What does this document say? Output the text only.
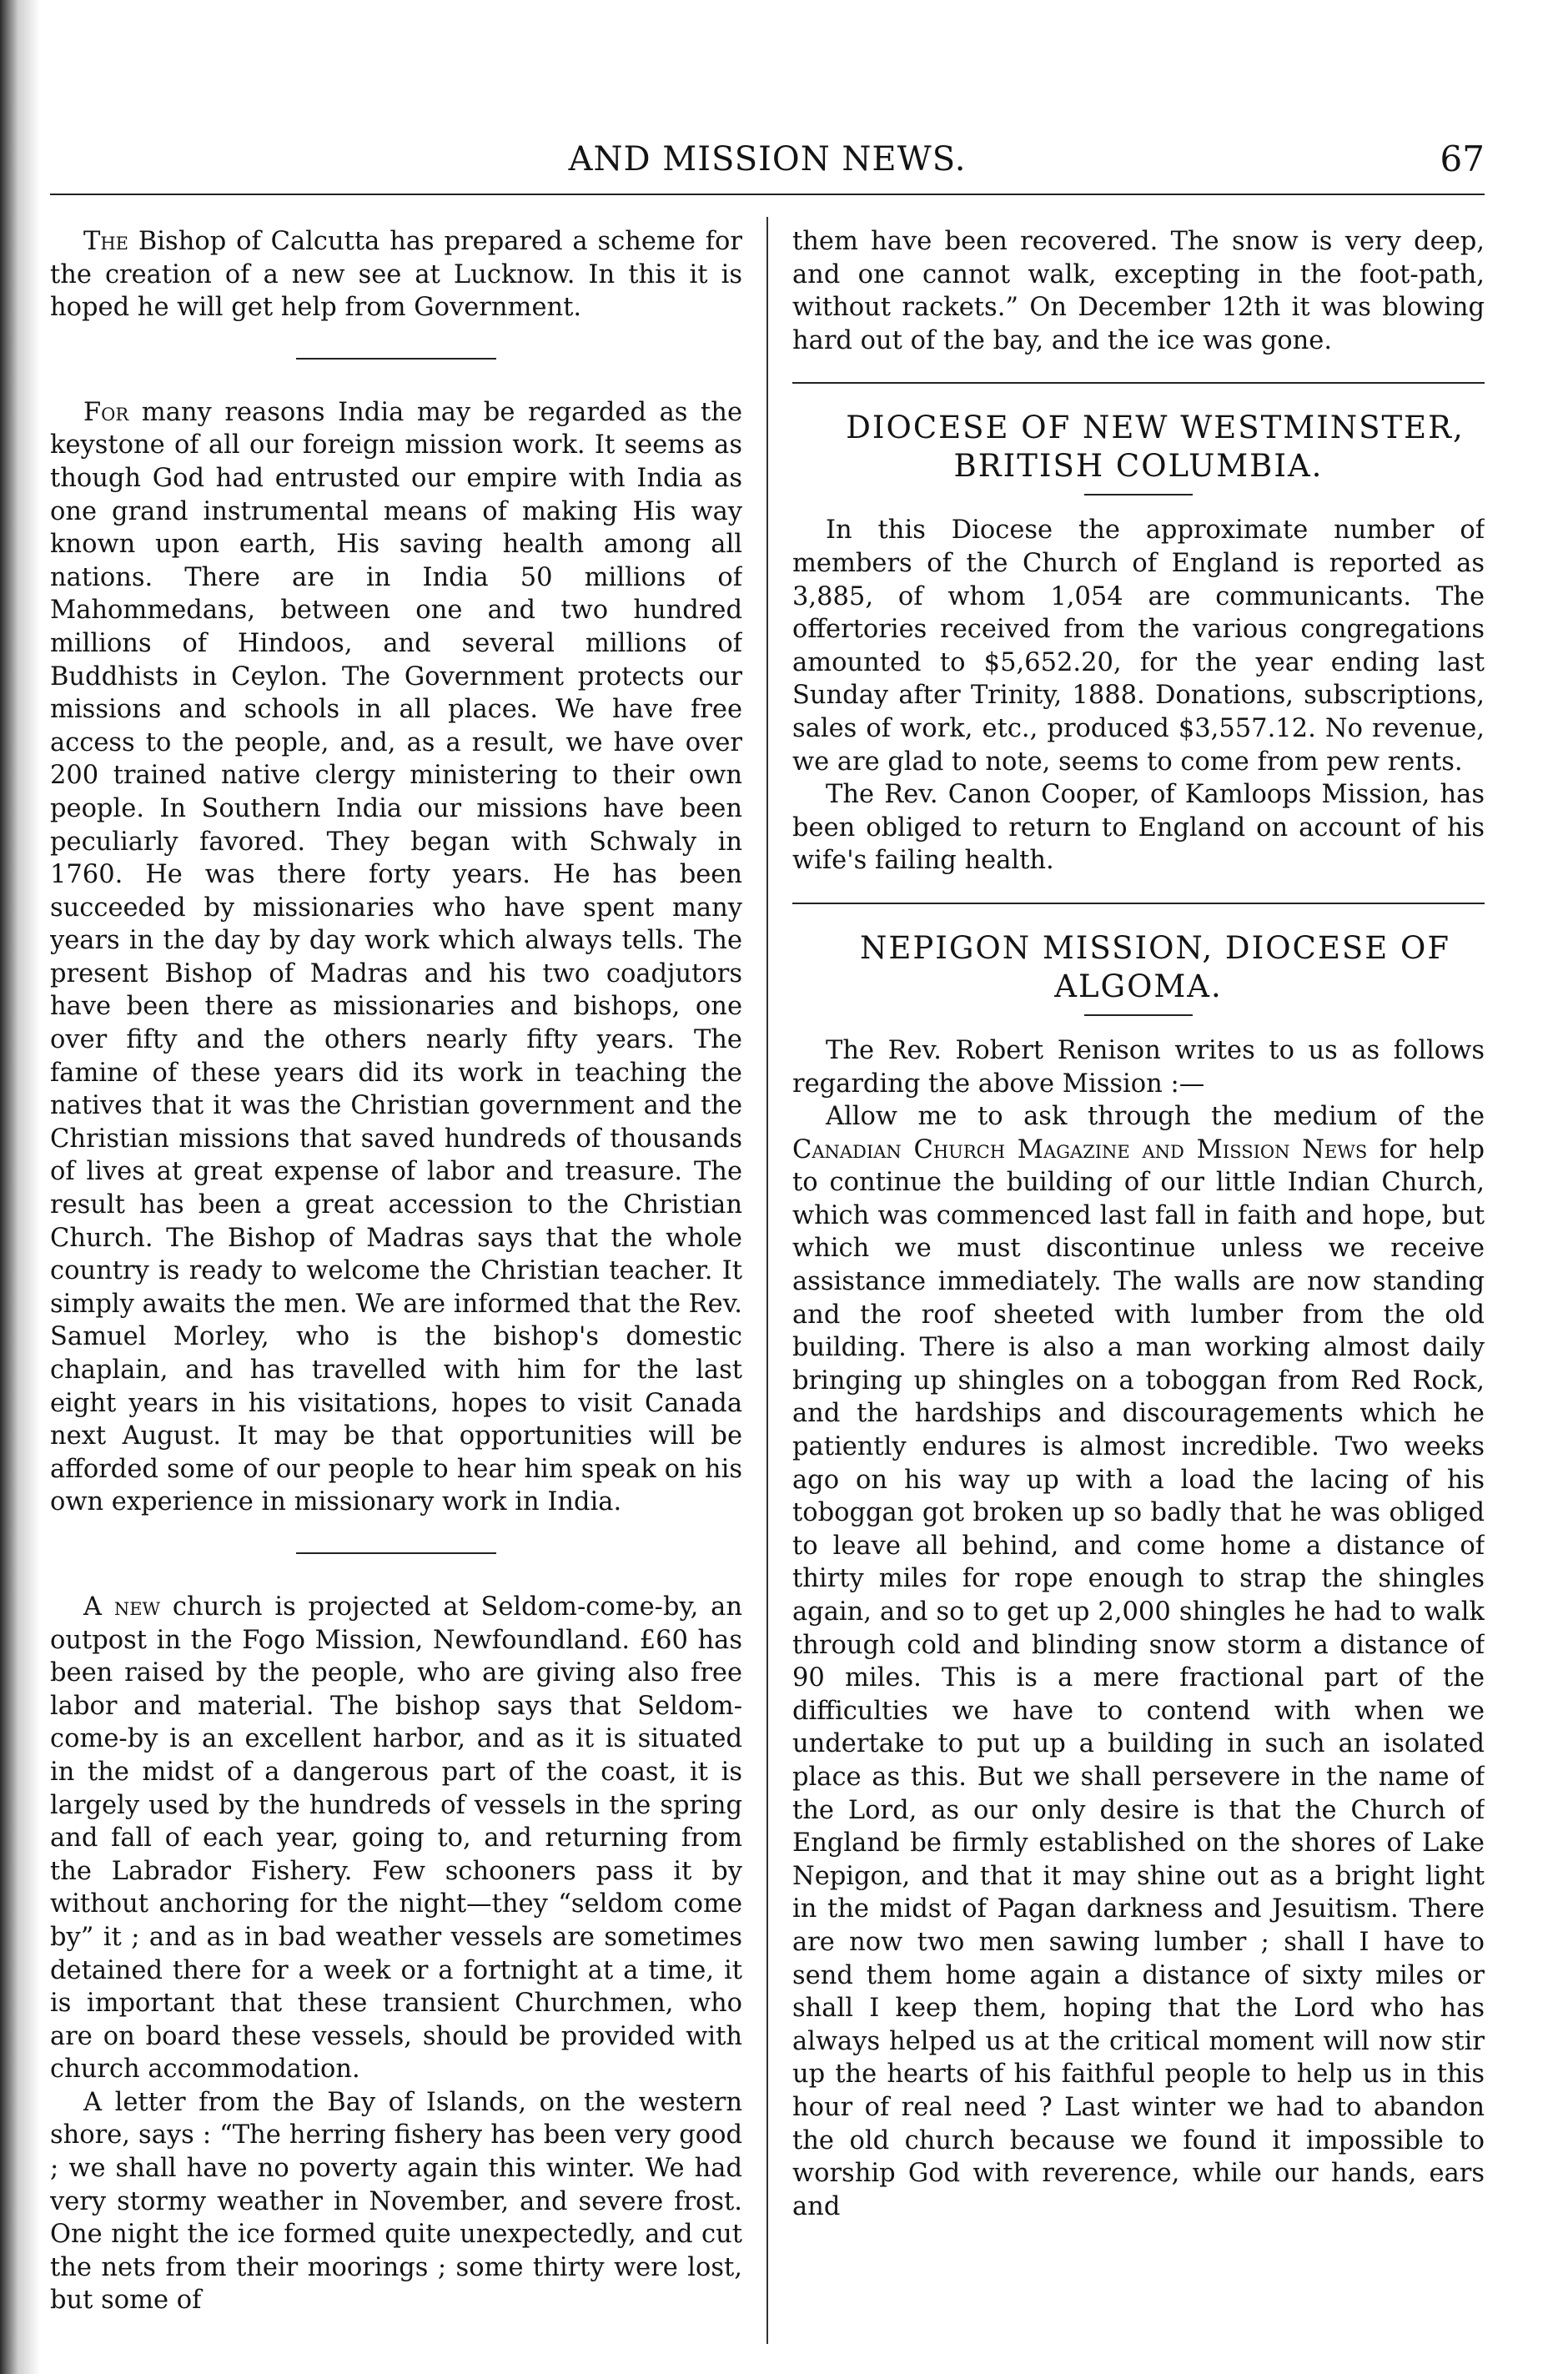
AND MISSION NEWS.	67

The Bishop of Calcutta has prepared a scheme for the creation of a new see at Lucknow. In this it is hoped he will get help from Government.

For many reasons India may be regarded as the keystone of all our foreign mission work. It seems as though God had entrusted our empire with India as one grand instrumental means of making His way known upon earth, His saving health among all nations. There are in India 50 millions of Mahommedans, between one and two hundred millions of Hindoos, and several millions of Buddhists in Ceylon. The Government protects our missions and schools in all places. We have free access to the people, and, as a result, we have over 200 trained native clergy ministering to their own people. In Southern India our missions have been peculiarly favored. They began with Schwaly in 1760. He was there forty years. He has been succeeded by missionaries who have spent many years in the day by day work which always tells. The present Bishop of Madras and his two coadjutors have been there as missionaries and bishops, one over fifty and the others nearly fifty years. The famine of these years did its work in teaching the natives that it was the Christian government and the Christian missions that saved hundreds of thousands of lives at great expense of labor and treasure. The result has been a great accession to the Christian Church. The Bishop of Madras says that the whole country is ready to welcome the Christian teacher. It simply awaits the men. We are informed that the Rev. Samuel Morley, who is the bishop's domestic chaplain, and has travelled with him for the last eight years in his visitations, hopes to visit Canada next August. It may be that opportunities will be afforded some of our people to hear him speak on his own experience in missionary work in India.

A new church is projected at Seldom-come-by, an outpost in the Fogo Mission, Newfoundland. £60 has been raised by the people, who are giving also free labor and material. The bishop says that Seldom-come-by is an excellent harbor, and as it is situated in the midst of a dangerous part of the coast, it is largely used by the hundreds of vessels in the spring and fall of each year, going to, and returning from the Labrador Fishery. Few schooners pass it by without anchoring for the night—they “seldom come by” it ; and as in bad weather vessels are sometimes detained there for a week or a fortnight at a time, it is important that these transient Churchmen, who are on board these vessels, should be provided with church accommodation.

A letter from the Bay of Islands, on the western shore, says : “The herring fishery has been very good ; we shall have no poverty again this winter. We had very stormy weather in November, and severe frost. One night the ice formed quite unexpectedly, and cut the nets from their moorings ; some thirty were lost, but some of

them have been recovered. The snow is very deep, and one cannot walk, excepting in the foot-path, without rackets.” On December 12th it was blowing hard out of the bay, and the ice was gone.

DIOCESE OF NEW WESTMINSTER, BRITISH COLUMBIA.

In this Diocese the approximate number of members of the Church of England is reported as 3,885, of whom 1,054 are communicants. The offertories received from the various congregations amounted to $5,652.20, for the year ending last Sunday after Trinity, 1888. Donations, subscriptions, sales of work, etc., produced $3,557.12. No revenue, we are glad to note, seems to come from pew rents.

The Rev. Canon Cooper, of Kamloops Mission, has been obliged to return to England on account of his wife's failing health.

NEPIGON MISSION, DIOCESE OF ALGOMA.

The Rev. Robert Renison writes to us as follows regarding the above Mission :—

Allow me to ask through the medium of the Canadian Church Magazine and Mission News for help to continue the building of our little Indian Church, which was commenced last fall in faith and hope, but which we must discontinue unless we receive assistance immediately. The walls are now standing and the roof sheeted with lumber from the old building. There is also a man working almost daily bringing up shingles on a toboggan from Red Rock, and the hardships and discouragements which he patiently endures is almost incredible. Two weeks ago on his way up with a load the lacing of his toboggan got broken up so badly that he was obliged to leave all behind, and come home a distance of thirty miles for rope enough to strap the shingles again, and so to get up 2,000 shingles he had to walk through cold and blinding snow storm a distance of 90 miles. This is a mere fractional part of the difficulties we have to contend with when we undertake to put up a building in such an isolated place as this. But we shall persevere in the name of the Lord, as our only desire is that the Church of England be firmly established on the shores of Lake Nepigon, and that it may shine out as a bright light in the midst of Pagan darkness and Jesuitism. There are now two men sawing lumber ; shall I have to send them home again a distance of sixty miles or shall I keep them, hoping that the Lord who has always helped us at the critical moment will now stir up the hearts of his faithful people to help us in this hour of real need ? Last winter we had to abandon the old church because we found it impossible to worship God with reverence, while our hands, ears and
